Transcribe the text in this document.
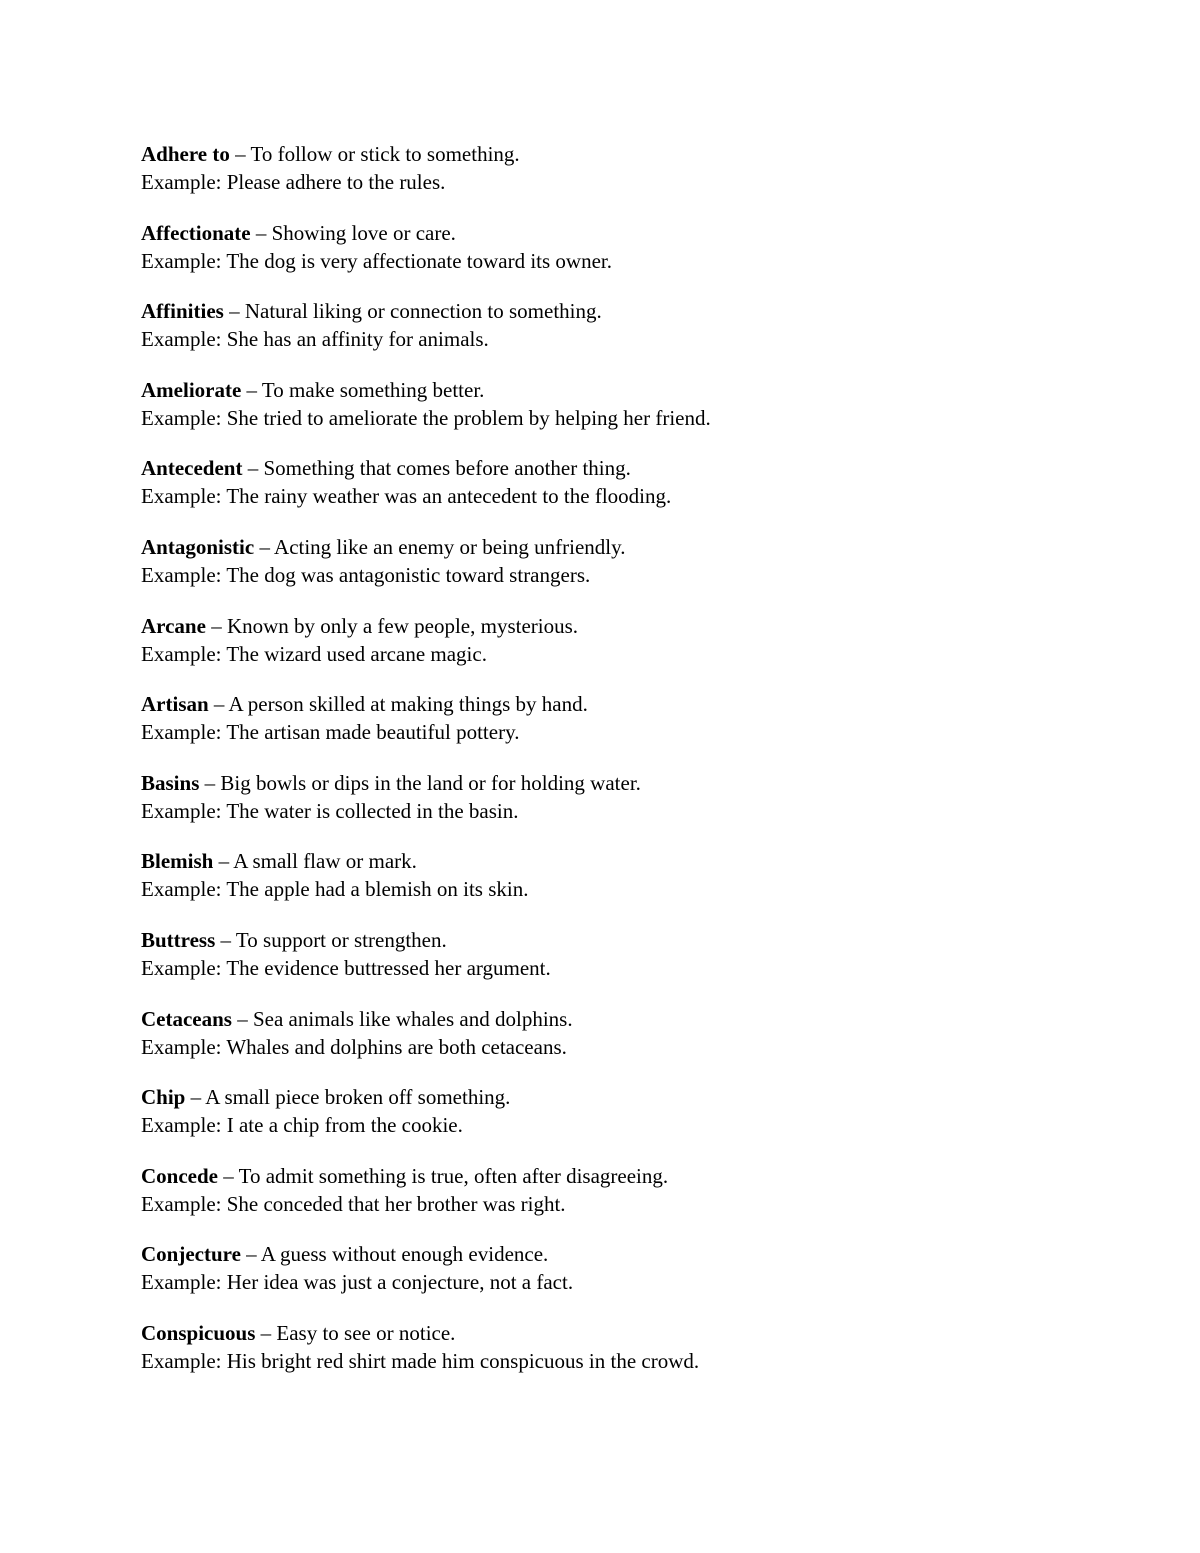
Adhere to – To follow or stick to something.
Example: Please adhere to the rules.
Affectionate – Showing love or care.
Example: The dog is very affectionate toward its owner.
Affinities – Natural liking or connection to something.
Example: She has an affinity for animals.
Ameliorate – To make something better.
Example: She tried to ameliorate the problem by helping her friend.
Antecedent – Something that comes before another thing.
Example: The rainy weather was an antecedent to the flooding.
Antagonistic – Acting like an enemy or being unfriendly.
Example: The dog was antagonistic toward strangers.
Arcane – Known by only a few people, mysterious.
Example: The wizard used arcane magic.
Artisan – A person skilled at making things by hand.
Example: The artisan made beautiful pottery.
Basins – Big bowls or dips in the land or for holding water.
Example: The water is collected in the basin.
Blemish – A small flaw or mark.
Example: The apple had a blemish on its skin.
Buttress – To support or strengthen.
Example: The evidence buttressed her argument.
Cetaceans – Sea animals like whales and dolphins.
Example: Whales and dolphins are both cetaceans.
Chip – A small piece broken off something.
Example: I ate a chip from the cookie.
Concede – To admit something is true, often after disagreeing.
Example: She conceded that her brother was right.
Conjecture – A guess without enough evidence.
Example: Her idea was just a conjecture, not a fact.
Conspicuous – Easy to see or notice.
Example: His bright red shirt made him conspicuous in the crowd.
